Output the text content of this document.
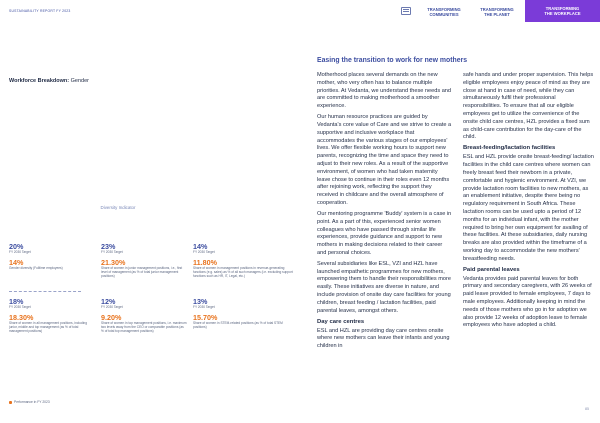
SUSTAINABILITY REPORT FY 2023	TRANSFORMING
COMMUNITIES
TRANSFORMING
THE PLANET
TRANSFORMING
THE WORKPLACE
Easing the transition to work for new mothers
Workforce Breakdown: Gender
Diversity Indicator
20%
FY 2030 Target
23%
FY 2030 Target
14%
FY 2030 Target
14%
Gender diversity (Fulltime employees)
21.30%
Share of women in junior management positions, i.e., first level of management (as % of total junior management positions)
11.80%
Share of women in management positions in revenue-generating functions (e.g. sales) as % of all such managers (i.e. excluding support functions such as HR, IT, Legal, etc.)
18%
FY 2030 Target
12%
FY 2030 Target
13%
FY 2030 Target
18.30%
Share of women in all management positions, including junior, middle and top management (as % of total management positions)
9.20%
Share of women in top management positions, i.e. maximum two levels away from the CEO or comparable positions (as % of total top management positions)
15.70%
Share of women in STEM-related positions (as % of total STEM positions)
Performance in FY 2023

Motherhood places several demands on the new mother, who very often has to balance multiple priorities. At Vedanta, we understand these needs and are committed to making motherhood a smoother experience.

Our human resource practices are guided by Vedanta's core value of Care and we strive to create a supportive and inclusive workplace that accommodates the various stages of our employees' lives. We offer flexible working hours to support new parents, recognizing the time and space they need to adjust to their new roles. As a result of the supportive environment, of women who had taken maternity leave chose to continue in their roles even 12 months after rejoining work, reflecting the support they received in childcare and the overall atmosphere of cooperation.

Our mentoring programme 'Buddy' system is a case in point. As a part of this, experienced senior women colleagues who have passed through similar life experiences, provide guidance and support to new mothers in making decisions related to their career and personal choices.

Several subsidiaries like ESL, VZI and HZL have launched empathetic programmes for new mothers, empowering them to handle their responsibilities more easily. These initiatives are diverse in nature, and include provision of onsite day care facilities for young children, breast feeding / lactation facilities, paid parental leaves, amongst others.

Day care centres

ESL and HZL are providing day care centres onsite where new mothers can leave their infants and young children in

safe hands and under proper supervision. This helps eligible employees enjoy peace of mind as they are close at hand in case of need, while they can simultaneously fulfil their professional responsibilities. To ensure that all our eligible employees get to utilize the convenience of the onsite child care centres, HZL provides a fixed sum as child-care contribution for the day-care of the child.

Breast-feeding/lactation facilities

ESL and HZL provide onsite breast-feeding/ lactation facilities in the child care centres where women can freely breast feed their newborn in a private, comfortable and hygienic environment. At VZI, we provide lactation room facilities to new mothers, as an enablement initiative, despite there being no regulatory requirement in South Africa. These lactation rooms can be used upto a period of 12 months for an individual infant, with the mother required to bring her own equipment for availing of these facilities. At these subsidiaries, daily nursing breaks are also provided within the timeframe of a working day to accommodate the new mothers' breastfeeding needs.

Paid parental leaves

Vedanta provides paid parental leaves for both primary and secondary caregivers, with 26 weeks of paid leave provided to female employees, 7 days to male employees. Additionally keeping in mind the needs of those mothers who go in for adoption we also provide 12 weeks of adoption leave to female employees who have adopted a child.

85
